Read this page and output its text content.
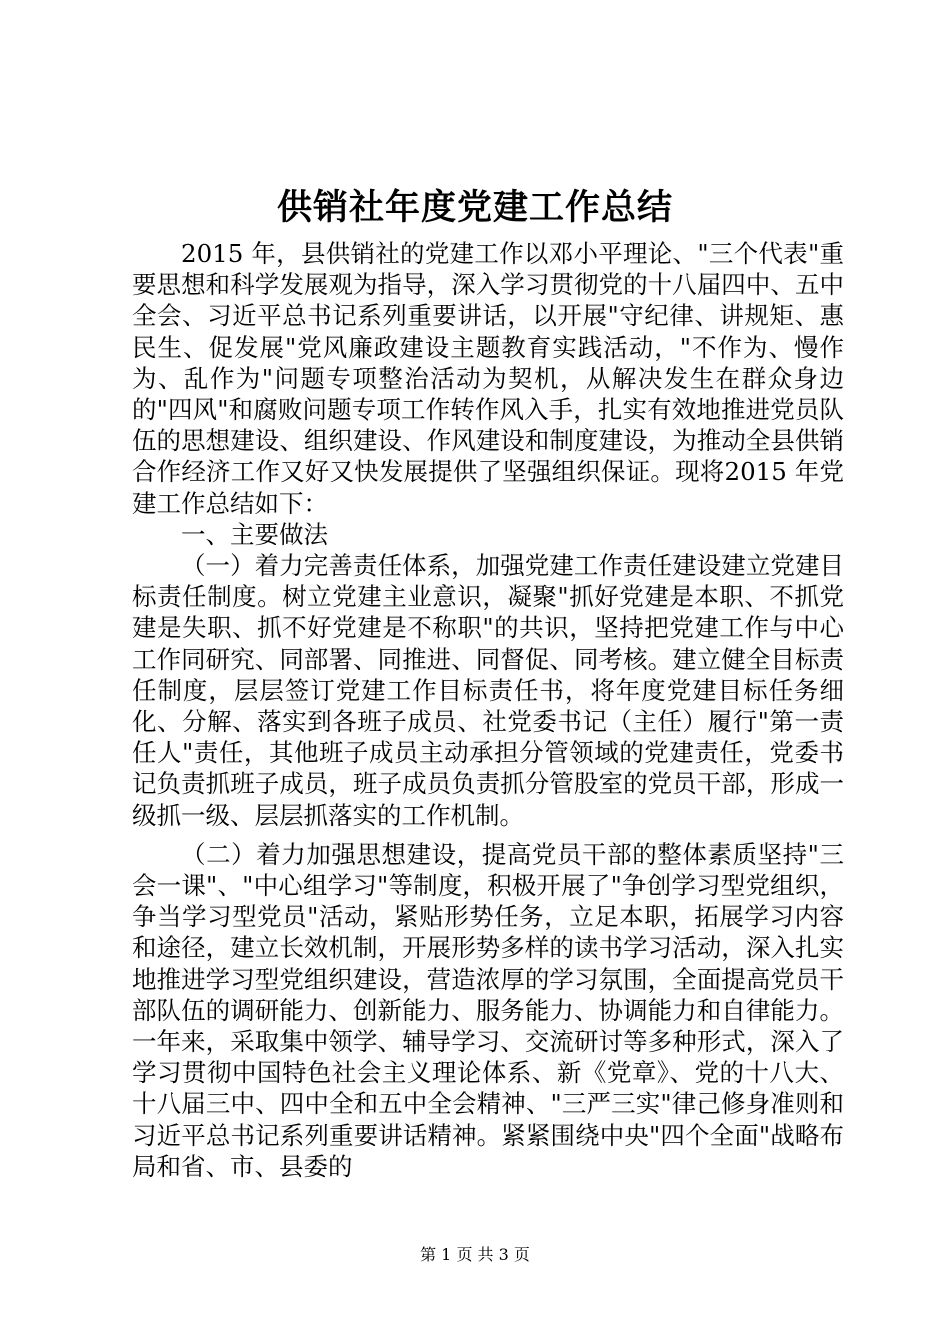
供销社年度党建工作总结

2015 年，县供销社的党建工作以邓小平理论、"三个代表"重要思想和科学发展观为指导，深入学习贯彻党的十八届四中、五中全会、习近平总书记系列重要讲话，以开展"守纪律、讲规矩、惠民生、促发展"党风廉政建设主题教育实践活动，"不作为、慢作为、乱作为"问题专项整治活动为契机，从解决发生在群众身边的"四风"和腐败问题专项工作转作风入手，扎实有效地推进党员队伍的思想建设、组织建设、作风建设和制度建设，为推动全县供销合作经济工作又好又快发展提供了坚强组织保证。现将2015 年党建工作总结如下：

一、主要做法

（一）着力完善责任体系，加强党建工作责任建设建立党建目标责任制度。树立党建主业意识，凝聚"抓好党建是本职、不抓党建是失职、抓不好党建是不称职"的共识，坚持把党建工作与中心工作同研究、同部署、同推进、同督促、同考核。建立健全目标责任制度，层层签订党建工作目标责任书，将年度党建目标任务细化、分解、落实到各班子成员、社党委书记（主任）履行"第一责任人"责任，其他班子成员主动承担分管领域的党建责任，党委书记负责抓班子成员，班子成员负责抓分管股室的党员干部，形成一级抓一级、层层抓落实的工作机制。

（二）着力加强思想建设，提高党员干部的整体素质坚持"三会一课"、"中心组学习"等制度，积极开展了"争创学习型党组织，争当学习型党员"活动，紧贴形势任务，立足本职，拓展学习内容和途径，建立长效机制，开展形势多样的读书学习活动，深入扎实地推进学习型党组织建设，营造浓厚的学习氛围，全面提高党员干部队伍的调研能力、创新能力、服务能力、协调能力和自律能力。一年来，采取集中领学、辅导学习、交流研讨等多种形式，深入了学习贯彻中国特色社会主义理论体系、新《党章》、党的十八大、十八届三中、四中全和五中全会精神、"三严三实"律己修身准则和习近平总书记系列重要讲话精神。紧紧围绕中央"四个全面"战略布局和省、市、县委的

第 1 页 共 3 页
